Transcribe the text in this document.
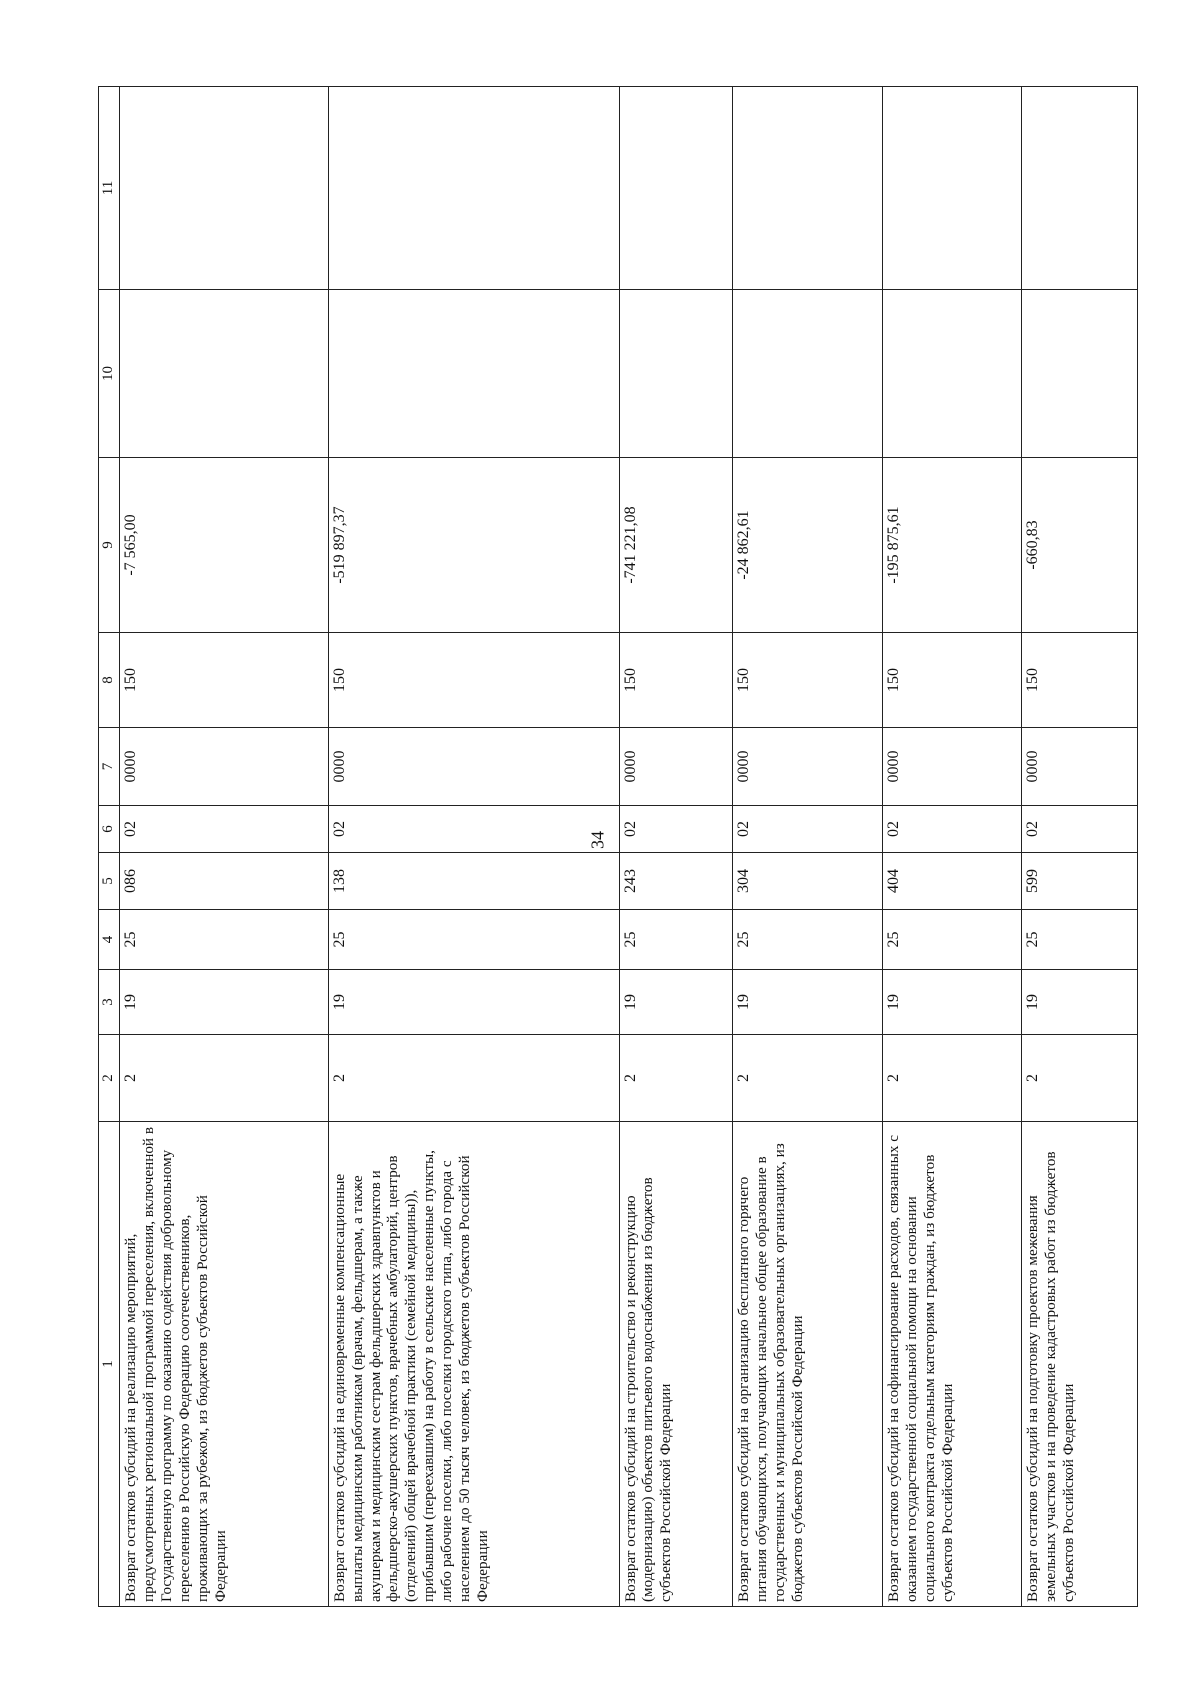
34
1	2	3	4	5	6	7	8	9	10	11
Возврат остатков субсидий на реализацию мероприятий, предусмотренных региональной программой переселения, включенной в Государственную программу по оказанию содействия добровольному переселению в Российскую Федерацию соотечественников, проживающих за рубежом, из бюджетов субъектов Российской Федерации	2	19	25	086	02	0000	150	-7 565,00		
Возврат остатков субсидий на единовременные компенсационные выплаты медицинским работникам (врачам, фельдшерам, а также акушеркам и медицинским сестрам фельдшерских здравпунктов и фельдшерско-акушерских пунктов, врачебных амбулаторий, центров (отделений) общей врачебной практики (семейной медицины)), прибывшим (переехавшим) на работу в сельские населенные пункты, либо рабочие поселки, либо поселки городского типа, либо города с населением до 50 тысяч человек, из бюджетов субъектов Российской Федерации	2	19	25	138	02	0000	150	-519 897,37		
Возврат остатков субсидий на строительство и реконструкцию (модернизацию) объектов питьевого водоснабжения из бюджетов субъектов Российской Федерации	2	19	25	243	02	0000	150	-741 221,08		
Возврат остатков субсидий на организацию бесплатного горячего питания обучающихся, получающих начальное общее образование в государственных и муниципальных образовательных организациях, из бюджетов субъектов Российской Федерации	2	19	25	304	02	0000	150	-24 862,61		
Возврат остатков субсидий на софинансирование расходов, связанных с оказанием государственной социальной помощи на основании социального контракта отдельным категориям граждан, из бюджетов субъектов Российской Федерации	2	19	25	404	02	0000	150	-195 875,61		
Возврат остатков субсидий на подготовку проектов межевания земельных участков и на проведение кадастровых работ из бюджетов субъектов Российской Федерации	2	19	25	599	02	0000	150	-660,83		
